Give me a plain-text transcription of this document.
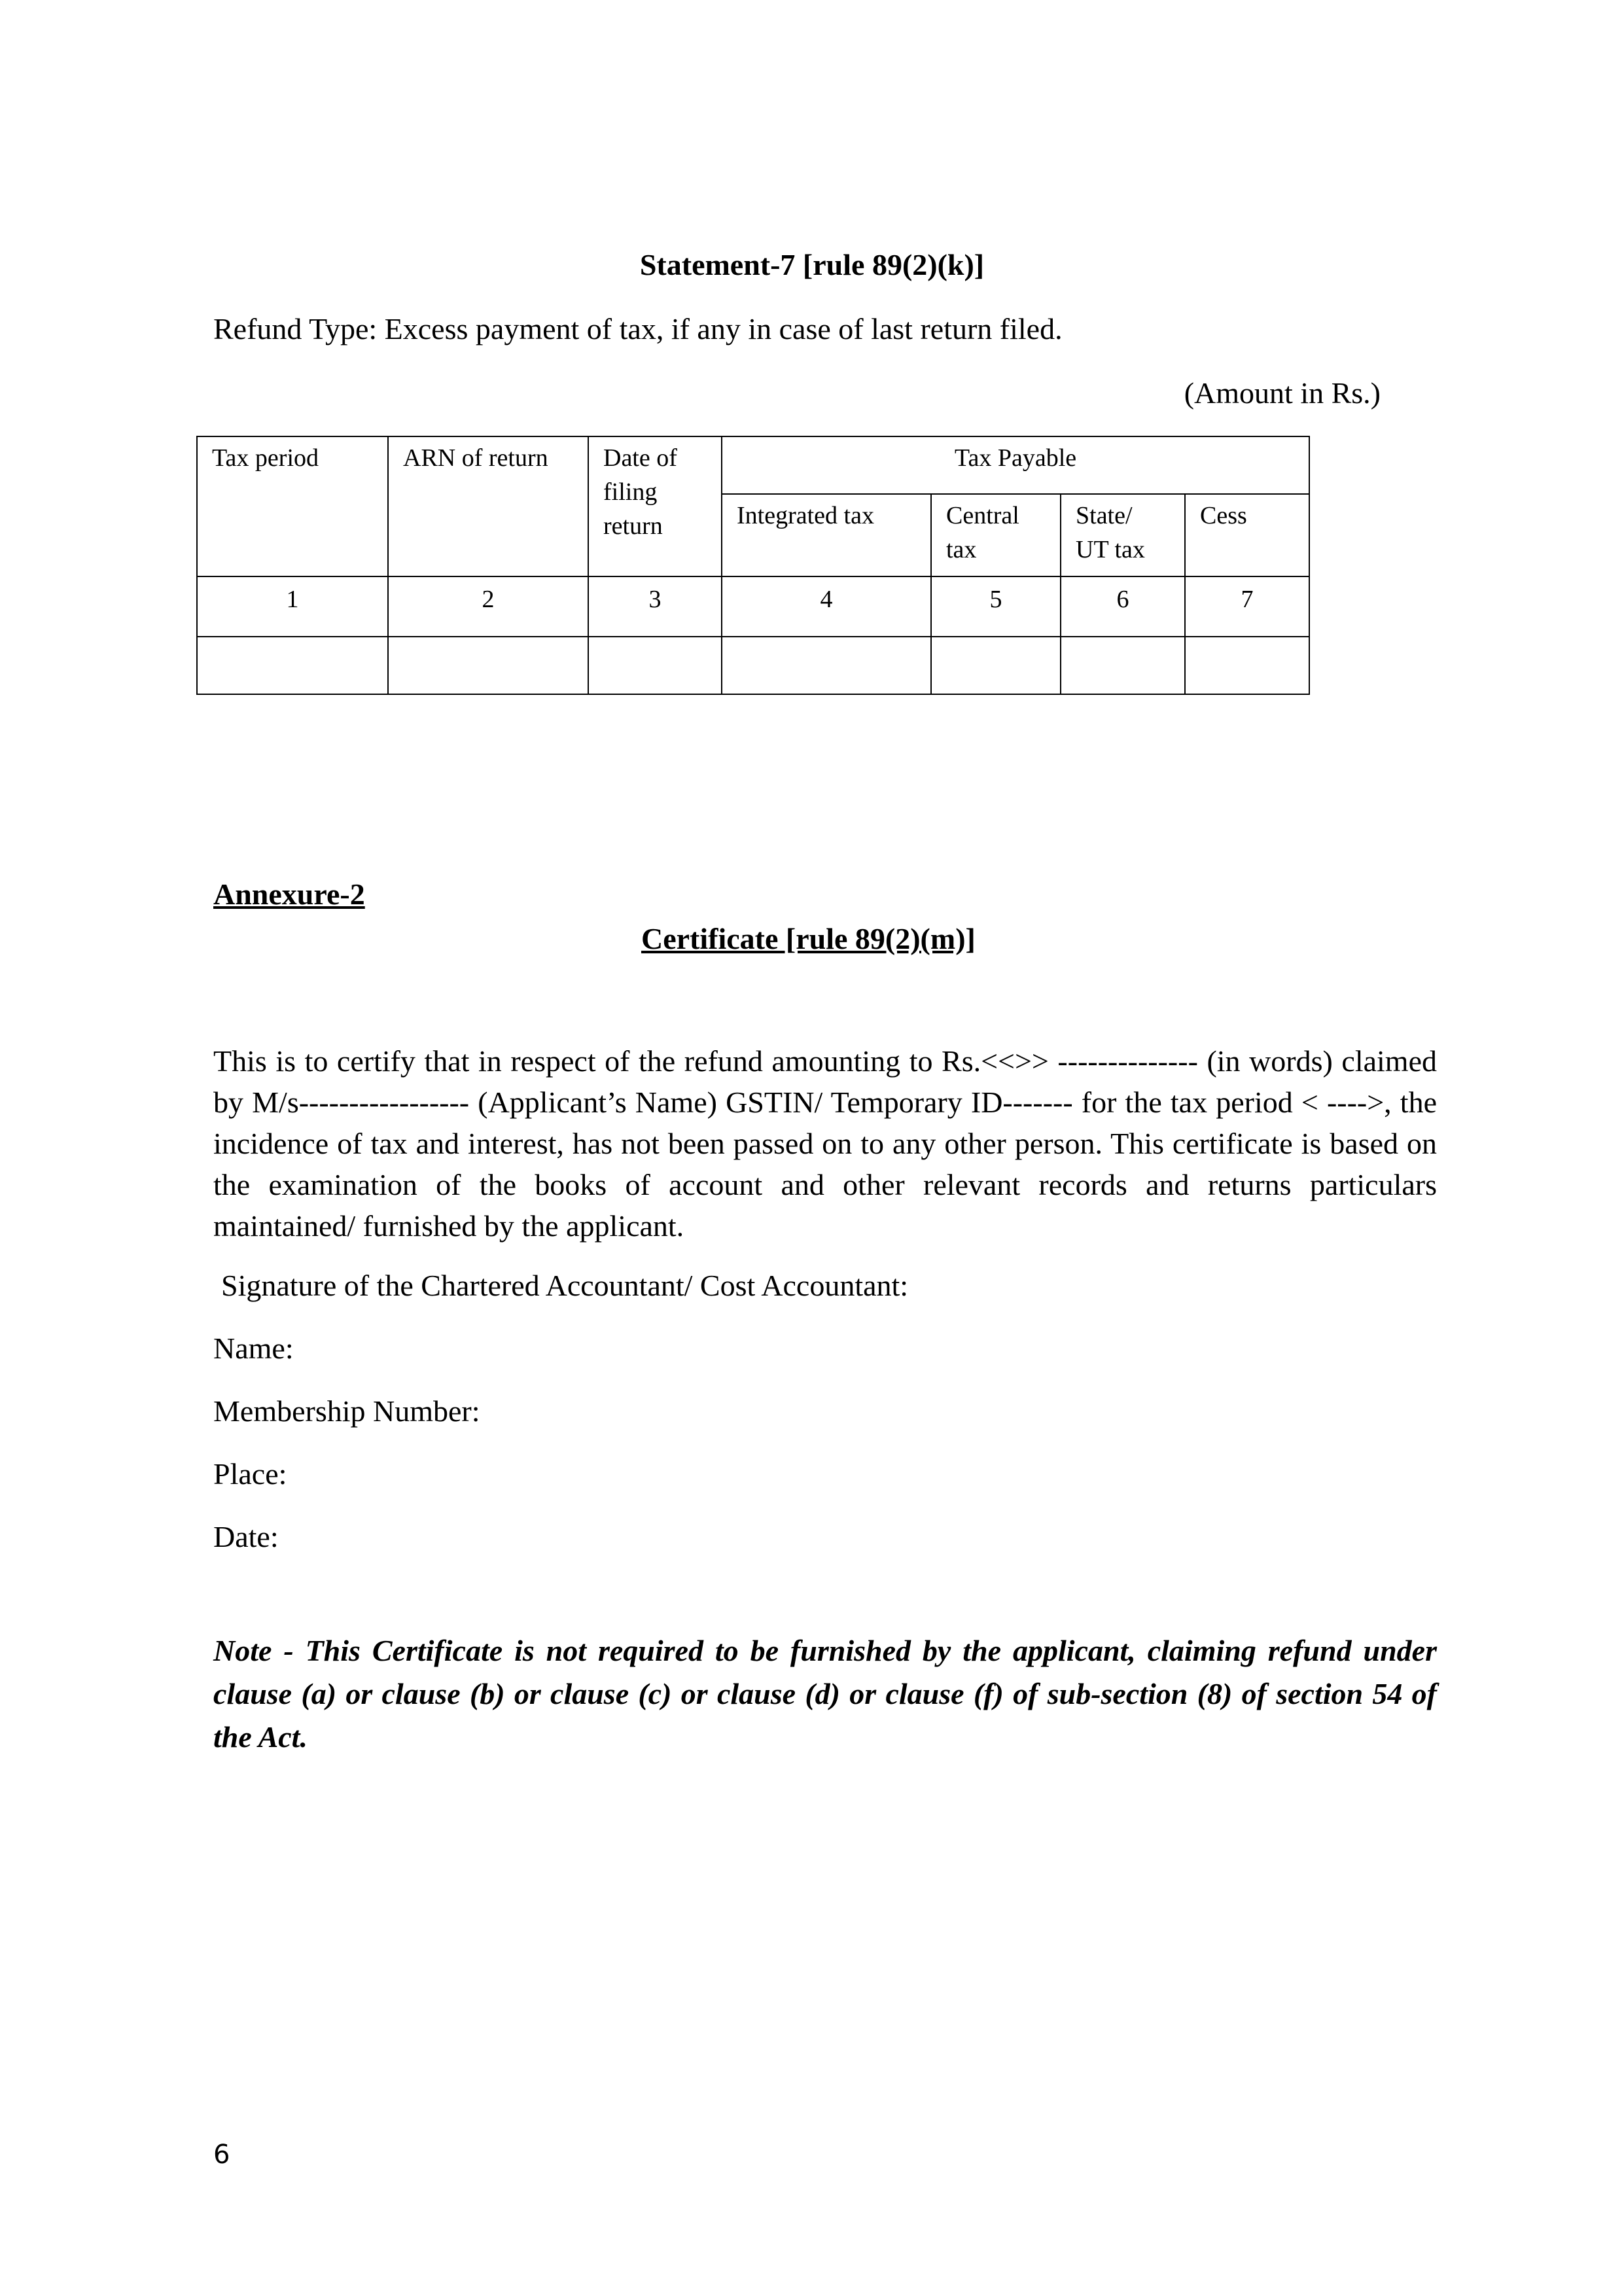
Statement-7 [rule 89(2)(k)]
Refund Type: Excess payment of tax, if any in case of last return filed.
(Amount in Rs.)
Tax period	ARN of return	Date of filing return	Tax Payable			
			Integrated tax	Central tax	State/ UT tax	Cess
1	2	3	4	5	6	7

Annexure-2
Certificate [rule 89(2)(m)]
This is to certify that in respect of the refund amounting to Rs.<<>> -------------- (in words) claimed by M/s----------------- (Applicant’s Name) GSTIN/ Temporary ID------- for the tax period < ---->, the incidence of tax and interest, has not been passed on to any other person. This certificate is based on the examination of the books of account and other relevant records and returns particulars maintained/ furnished by the applicant.
Signature of the Chartered Accountant/ Cost Accountant:
Name:
Membership Number:
Place:
Date:
Note - This Certificate is not required to be furnished by the applicant, claiming refund under clause (a) or clause (b) or clause (c) or clause (d) or clause (f) of sub-section (8) of section 54 of the Act.
6
